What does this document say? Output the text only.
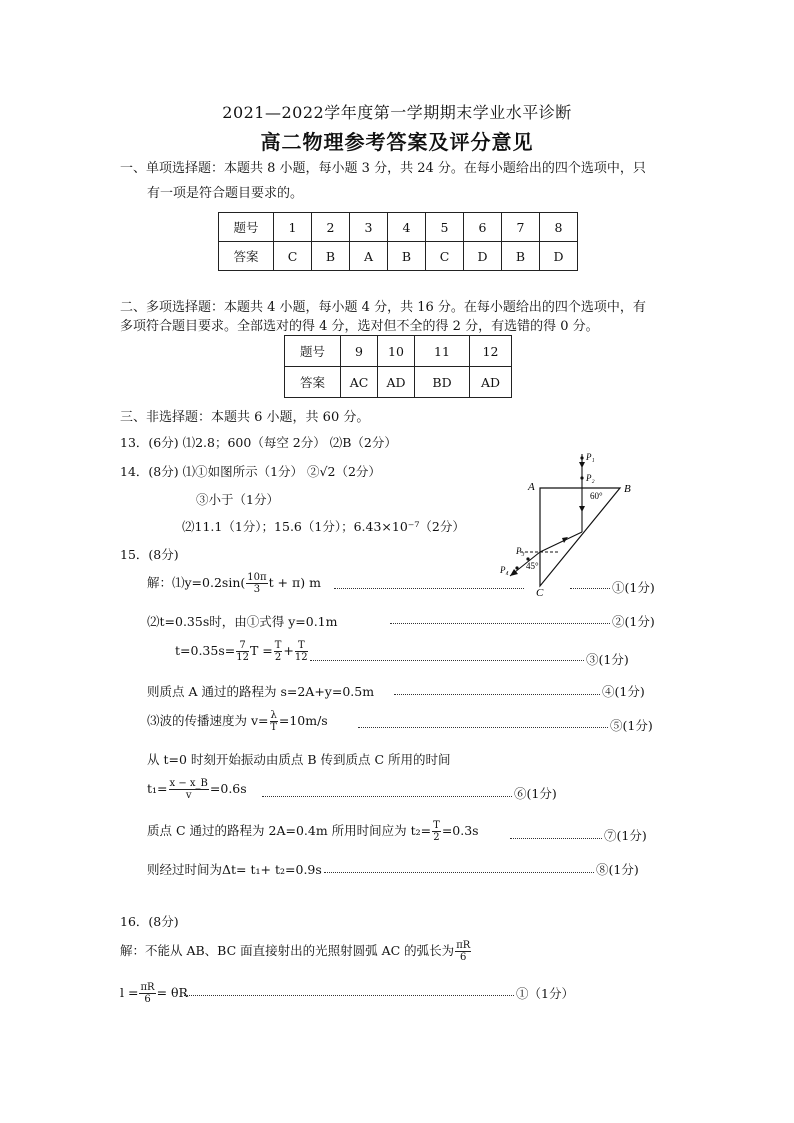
2021—2022学年度第一学期期末学业水平诊断
高二物理参考答案及评分意见
一、单项选择题：本题共 8 小题，每小题 3 分，共 24 分。在每小题给出的四个选项中，只
有一项是符合题目要求的。
题号	1	2	3	4	5	6	7	8
答案	C	B	A	B	C	D	B	D
二、多项选择题：本题共 4 小题，每小题 4 分，共 16 分。在每小题给出的四个选项中，有
多项符合题目要求。全部选对的得 4 分，选对但不全的得 2 分，有选错的得 0 分。
题号	9	10	11	12
答案	AC	AD	BD	AD
三、非选择题：本题共 6 小题，共 60 分。
13．(6分) ⑴2.8；600（每空 2分） ⑵B（2分）
14．(8分) ⑴①如图所示（1分） ②√2（2分）
③小于（1分）
⑵11.1（1分）；15.6（1分）；6.43×10⁻⁷（2分）
15．(8分)
解：⑴y=0.2sin( $\frac{10\pi}{3}$ t + π) m	①(1分)
⑵t=0.35s时，由①式得 y=0.1m	②(1分)
$t=0.35s= \frac{7}{12}$ $T = \frac{T}{2} + \frac{T}{12}$	③(1分)
则质点 A 通过的路程为 s=2A+y=0.5m	④(1分)
⑶波的传播速度为 $v= \frac{\lambda}{T} =10m/s$	⑤(1分)
从 t=0 时刻开始振动由质点 B 传到质点 C 所用的时间
$t_1= \frac{x - x\_B}{v} =0.6s$	⑥(1分)
质点 C 通过的路程为 2A=0.4m 所用时间应为 $t_2= \frac{T}{2} =0.3s$	⑦(1分)
则经过时间为Δt= t₁+ t₂=0.9s	⑧(1分)
16．(8分)
解：不能从 AB、BC 面直接射出的光照射圆弧 AC 的弧长为 $\frac{\pi R}{6}$
$l = \frac{\pi R}{6} = \theta R$	①（1分）
A	B
C
P₁
P₂
P₃
P₄
60°
45°
